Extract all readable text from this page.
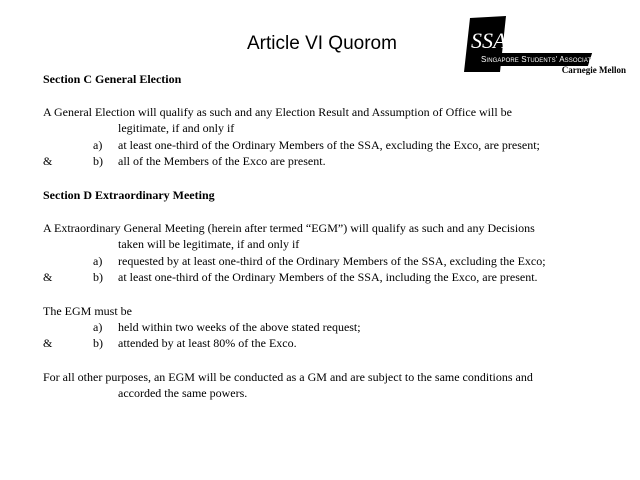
Article VI Quorom	SSA
Singapore Students' Association
Carnegie Mellon
Section C General Election
A General Election will qualify as such and any Election Result and Assumption of Office will be
legitimate, if and only if
a) at least one-third of the Ordinary Members of the SSA, excluding the Exco, are present;
&	b) all of the Members of the Exco are present.
Section D Extraordinary Meeting
A Extraordinary General Meeting (herein after termed “EGM”) will qualify as such and any Decisions
taken will be legitimate, if and only if
a) requested by at least one-third of the Ordinary Members of the SSA, excluding the Exco;
&	b) at least one-third of the Ordinary Members of the SSA, including the Exco, are present.
The EGM must be
a) held within two weeks of the above stated request;
&	b) attended by at least 80% of the Exco.
For all other purposes, an EGM will be conducted as a GM and are subject to the same conditions and
accorded the same powers.
